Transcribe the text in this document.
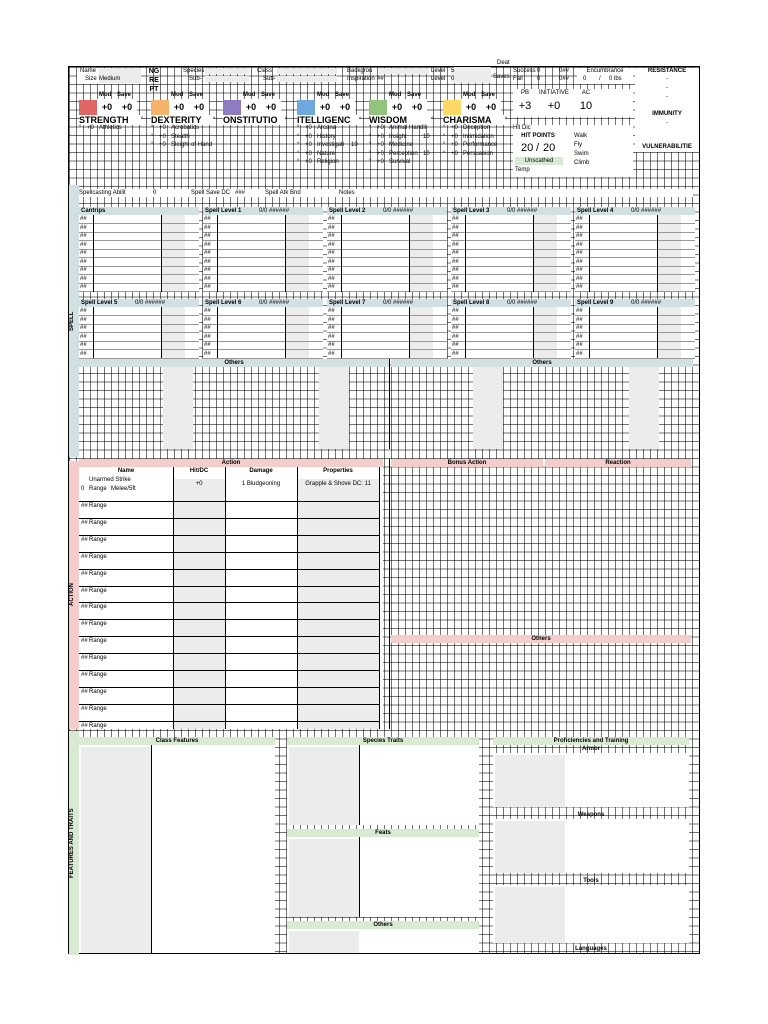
Name
Size Medium
NG RE PT
Species
Sub-
Class
Sub-
Backgrou
Inspiration ##
Level 5
Level 0
Deat
Saves
Success 0	0##
Fail 0	0##
Encumbrance
0 / 0 lbs
RESISTANCE
-
-
-
IMMUNITY
-
VULNERABILITIE
PB
+3
INITIATIVE
+0
AC
10
Hit Dic
HIT POINTS
20 / 20
Unscathed
Temp
Walk
Fly
Swim
Climb
Mod Save
+0	+0
STRENGTH	°
° +0 Athletics
Mod Save
+0	+0
DEXTERITY	°
° +0 Acrobatics
° +0 Stealth
° +0 Sleight of Hand
Mod Save
+0	+0
ONSTITUTIO	°
Mod Save
+0	+0
ITELLIGENC	°
° +0 Arcana
° +0 History
° +0 Investigati 10
° +0 Nature
° +0 Religion
Mod Save
+0	+0
WISDOM	°
° +0 Animal Handli
° +0 Insight	10
° +0 Medicine
° +0 Perception 10
° +0 Survival
Mod Save
+0	+0
CHARISMA	°
° +0 Deception
° +0 Intimidation
° +0 Performance
° +0 Persuasion
SPELL
Spellcasting Abilit	0	Spell Save DC ###	Spell Atk Bnd	Notes
Cantrips
##
##
##
##
##
##
##
##
##
Spell Level 1	0/0 ######
##
##
##
##
##
##
##
##
##
Spell Level 2	0/0 ######
##
##
##
##
##
##
##
##
##
Spell Level 3	0/0 ######
##
##
##
##
##
##
##
##
##
Spell Level 4	0/0 ######
##
##
##
##
##
##
##
##
##
Spell Level 5	0/0 ######
##
##
##
##
##
##
Spell Level 6	0/0 ######
##
##
##
##
##
##
Spell Level 7	0/0 ######
##
##
##
##
##
##
Spell Level 8	0/0 ######
##
##
##
##
##
##
Spell Level 9	0/0 ######
##
##
##
##
##
##
Others	Others
ACTION
Action
Name	Hit/DC	Damage	Properties
Unarmed Strike
0 Range Melee/5ft
+0	1 Bludgeoning	Grapple & Shove DC: 11
## Range
## Range
## Range
## Range
## Range
## Range
## Range
## Range
## Range
## Range
## Range
## Range
## Range
## Range
Bonus Action	Reaction
Others
FEATURES AND TRAITS
Class Features	Species Traits
Feats
Others
Proficiencies and Training
Armor
Weapons
Tools
Languages
